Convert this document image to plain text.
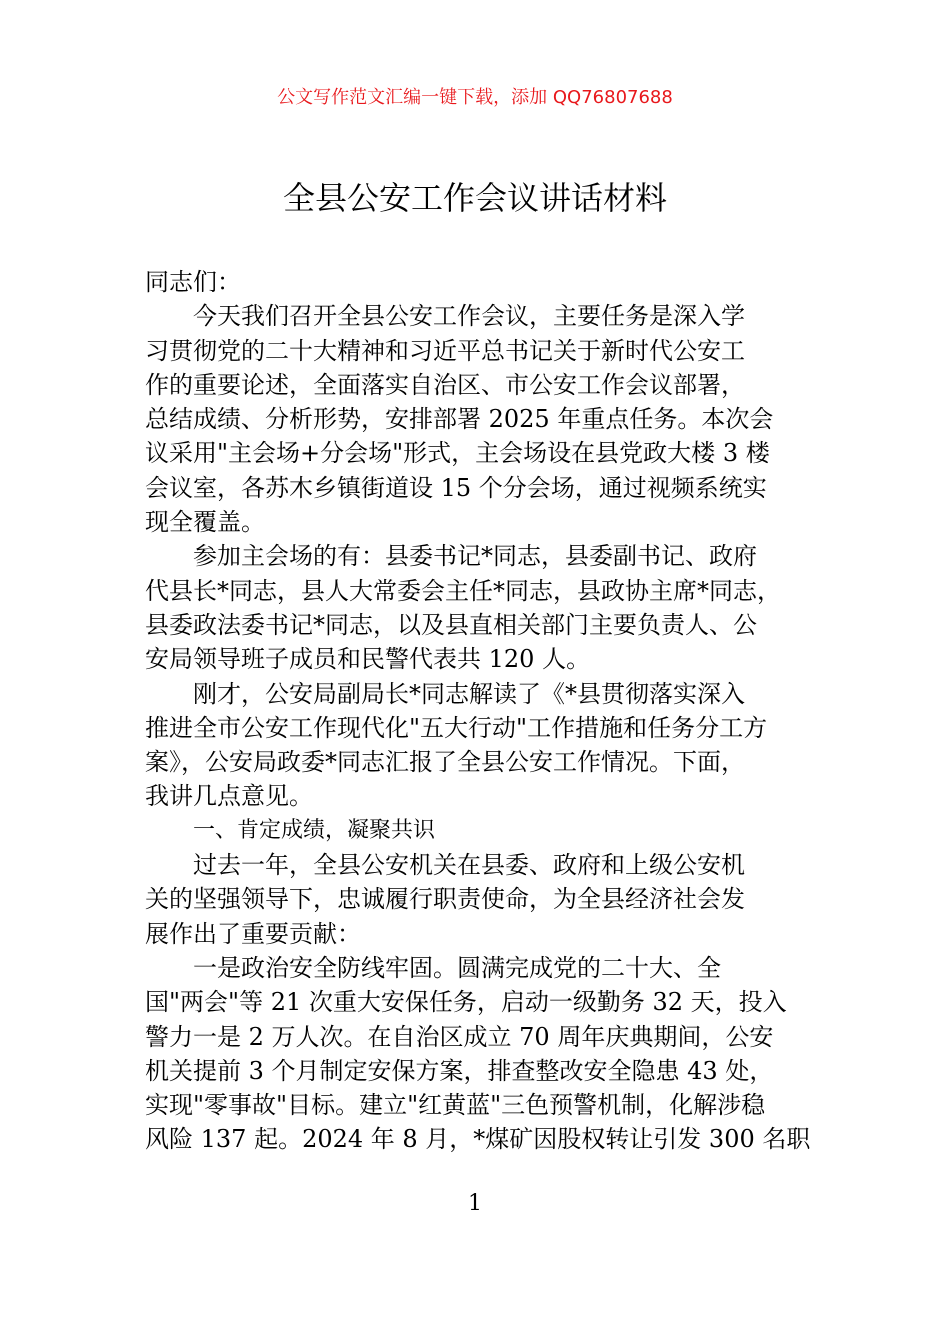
公文写作范文汇编一键下载，添加 QQ76807688
全县公安工作会议讲话材料
同志们：
今天我们召开全县公安工作会议，主要任务是深入学
习贯彻党的二十大精神和习近平总书记关于新时代公安工
作的重要论述，全面落实自治区、市公安工作会议部署，
总结成绩、分析形势，安排部署 2025 年重点任务。本次会
议采用"主会场+分会场"形式，主会场设在县党政大楼 3 楼
会议室，各苏木乡镇街道设 15 个分会场，通过视频系统实
现全覆盖。
参加主会场的有：县委书记*同志，县委副书记、政府
代县长*同志，县人大常委会主任*同志，县政协主席*同志，
县委政法委书记*同志，以及县直相关部门主要负责人、公
安局领导班子成员和民警代表共 120 人。
刚才，公安局副局长*同志解读了《*县贯彻落实深入
推进全市公安工作现代化"五大行动"工作措施和任务分工方
案》，公安局政委*同志汇报了全县公安工作情况。下面，
我讲几点意见。
一、肯定成绩，凝聚共识
过去一年，全县公安机关在县委、政府和上级公安机
关的坚强领导下，忠诚履行职责使命，为全县经济社会发
展作出了重要贡献：
一是政治安全防线牢固。圆满完成党的二十大、全
国"两会"等 21 次重大安保任务，启动一级勤务 32 天，投入
警力一是 2 万人次。在自治区成立 70 周年庆典期间，公安
机关提前 3 个月制定安保方案，排查整改安全隐患 43 处，
实现"零事故"目标。建立"红黄蓝"三色预警机制，化解涉稳
风险 137 起。2024 年 8 月，*煤矿因股权转让引发 300 名职
1
